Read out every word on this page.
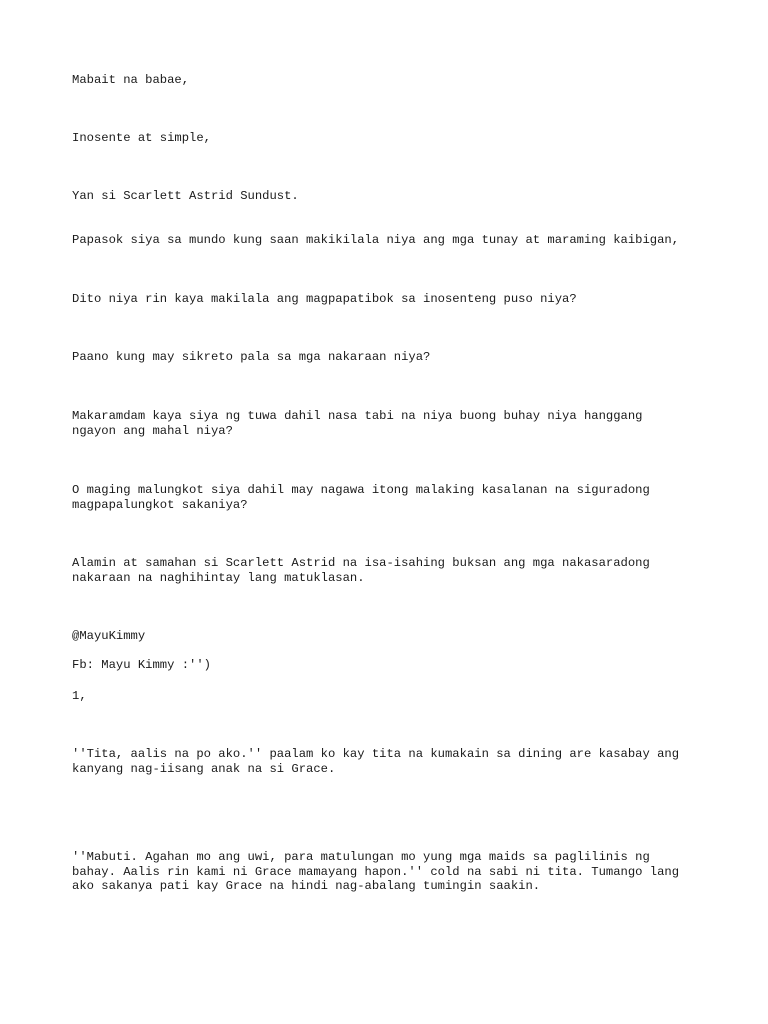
Mabait na babae,

Inosente at simple,

Yan si Scarlett Astrid Sundust.

Papasok siya sa mundo kung saan makikilala niya ang mga tunay at maraming kaibigan,

Dito niya rin kaya makilala ang magpapatibok sa inosenteng puso niya?

Paano kung may sikreto pala sa mga nakaraan niya?

Makaramdam kaya siya ng tuwa dahil nasa tabi na niya buong buhay niya hanggang
ngayon ang mahal niya?

O maging malungkot siya dahil may nagawa itong malaking kasalanan na siguradong
magpapalungkot sakaniya?

Alamin at samahan si Scarlett Astrid na isa-isahing buksan ang mga nakasaradong
nakaraan na naghihintay lang matuklasan.

@MayuKimmy

Fb: Mayu Kimmy :'')

1,

''Tita, aalis na po ako.'' paalam ko kay tita na kumakain sa dining are kasabay ang
kanyang nag-iisang anak na si Grace.

''Mabuti. Agahan mo ang uwi, para matulungan mo yung mga maids sa paglilinis ng
bahay. Aalis rin kami ni Grace mamayang hapon.'' cold na sabi ni tita. Tumango lang
ako sakanya pati kay Grace na hindi nag-abalang tumingin saakin.
